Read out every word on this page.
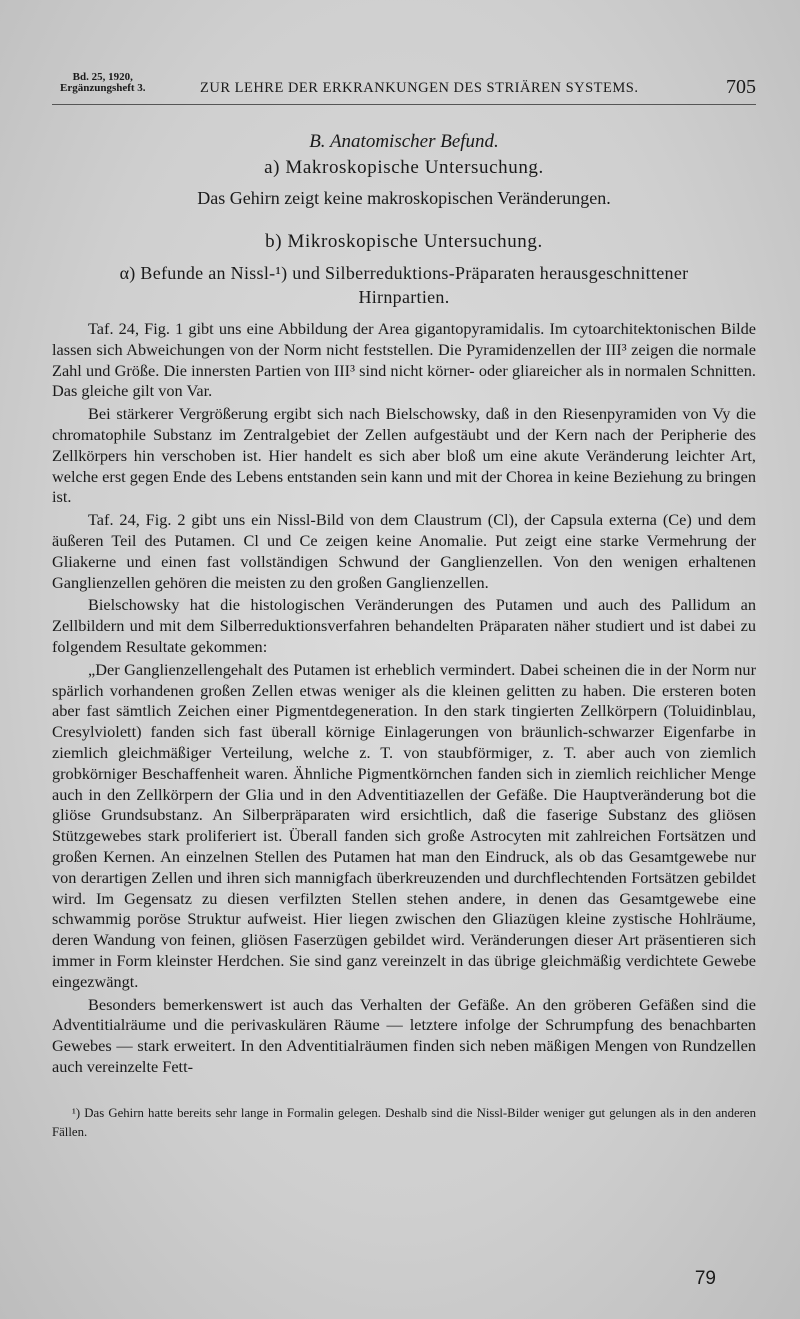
Bd. 25, 1920,
Ergänzungsheft 3.	ZUR LEHRE DER ERKRANKUNGEN DES STRIÄREN SYSTEMS.	705

B. Anatomischer Befund.

a) Makroskopische Untersuchung.

Das Gehirn zeigt keine makroskopischen Veränderungen.

b) Mikroskopische Untersuchung.

α) Befunde an Nissl-¹) und Silberreduktions-Präparaten herausgeschnittener

Hirnpartien.

Taf. 24, Fig. 1 gibt uns eine Abbildung der Area gigantopyramidalis. Im cytoarchitektonischen Bilde lassen sich Abweichungen von der Norm nicht feststellen. Die Pyramidenzellen der III³ zeigen die normale Zahl und Größe. Die innersten Partien von III³ sind nicht körner- oder gliareicher als in normalen Schnitten. Das gleiche gilt von Var.

Bei stärkerer Vergrößerung ergibt sich nach Bielschowsky, daß in den Riesenpyramiden von Vy die chromatophile Substanz im Zentralgebiet der Zellen aufgestäubt und der Kern nach der Peripherie des Zellkörpers hin verschoben ist. Hier handelt es sich aber bloß um eine akute Veränderung leichter Art, welche erst gegen Ende des Lebens entstanden sein kann und mit der Chorea in keine Beziehung zu bringen ist.

Taf. 24, Fig. 2 gibt uns ein Nissl-Bild von dem Claustrum (Cl), der Capsula externa (Ce) und dem äußeren Teil des Putamen. Cl und Ce zeigen keine Anomalie. Put zeigt eine starke Vermehrung der Gliakerne und einen fast vollständigen Schwund der Ganglienzellen. Von den wenigen erhaltenen Ganglienzellen gehören die meisten zu den großen Ganglienzellen.

Bielschowsky hat die histologischen Veränderungen des Putamen und auch des Pallidum an Zellbildern und mit dem Silberreduktionsverfahren behandelten Präparaten näher studiert und ist dabei zu folgendem Resultate gekommen:

„Der Ganglienzellengehalt des Putamen ist erheblich vermindert. Dabei scheinen die in der Norm nur spärlich vorhandenen großen Zellen etwas weniger als die kleinen gelitten zu haben. Die ersteren boten aber fast sämtlich Zeichen einer Pigmentdegeneration. In den stark tingierten Zellkörpern (Toluidinblau, Cresylviolett) fanden sich fast überall körnige Einlagerungen von bräunlich-schwarzer Eigenfarbe in ziemlich gleichmäßiger Verteilung, welche z. T. von staubförmiger, z. T. aber auch von ziemlich grobkörniger Beschaffenheit waren. Ähnliche Pigmentkörnchen fanden sich in ziemlich reichlicher Menge auch in den Zellkörpern der Glia und in den Adventitiazellen der Gefäße. Die Hauptveränderung bot die gliöse Grundsubstanz. An Silberpräparaten wird ersichtlich, daß die faserige Substanz des gliösen Stützgewebes stark proliferiert ist. Überall fanden sich große Astrocyten mit zahlreichen Fortsätzen und großen Kernen. An einzelnen Stellen des Putamen hat man den Eindruck, als ob das Gesamtgewebe nur von derartigen Zellen und ihren sich mannigfach überkreuzenden und durchflechtenden Fortsätzen gebildet wird. Im Gegensatz zu diesen verfilzten Stellen stehen andere, in denen das Gesamtgewebe eine schwammig poröse Struktur aufweist. Hier liegen zwischen den Gliazügen kleine zystische Hohlräume, deren Wandung von feinen, gliösen Faserzügen gebildet wird. Veränderungen dieser Art präsentieren sich immer in Form kleinster Herdchen. Sie sind ganz vereinzelt in das übrige gleichmäßig verdichtete Gewebe eingezwängt.

Besonders bemerkenswert ist auch das Verhalten der Gefäße. An den gröberen Gefäßen sind die Adventitialräume und die perivaskulären Räume — letztere infolge der Schrumpfung des benachbarten Gewebes — stark erweitert. In den Adventitialräumen finden sich neben mäßigen Mengen von Rundzellen auch vereinzelte Fett-

¹) Das Gehirn hatte bereits sehr lange in Formalin gelegen. Deshalb sind die Nissl-Bilder weniger gut gelungen als in den anderen Fällen.

79
